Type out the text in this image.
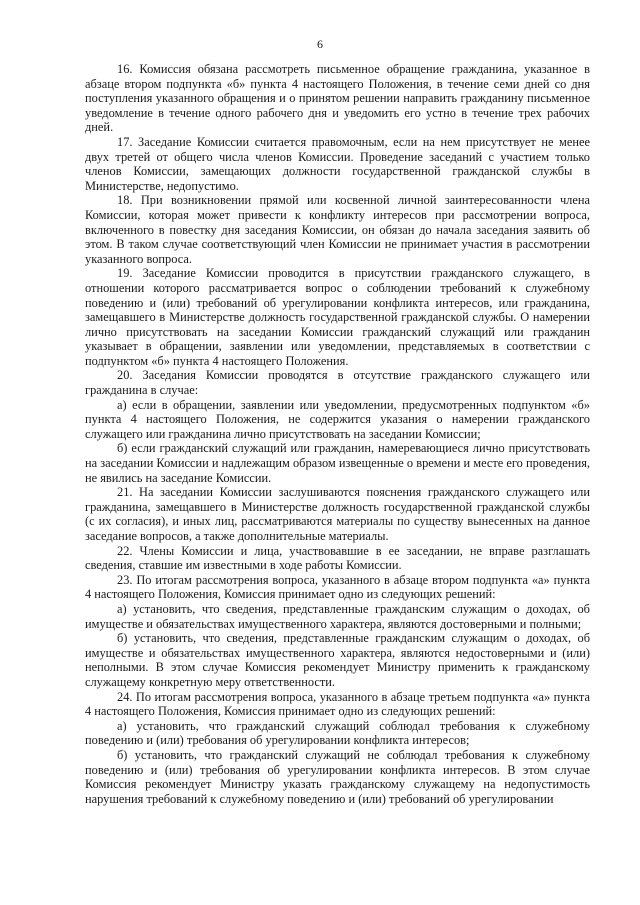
6

16. Комиссия обязана рассмотреть письменное обращение гражданина, указанное в абзаце втором подпункта «б» пункта 4 настоящего Положения, в течение семи дней со дня поступления указанного обращения и о принятом решении направить гражданину письменное уведомление в течение одного рабочего дня и уведомить его устно в течение трех рабочих дней.

17. Заседание Комиссии считается правомочным, если на нем присутствует не менее двух третей от общего числа членов Комиссии. Проведение заседаний с участием только членов Комиссии, замещающих должности государственной гражданской службы в Министерстве, недопустимо.

18. При возникновении прямой или косвенной личной заинтересованности члена Комиссии, которая может привести к конфликту интересов при рассмотрении вопроса, включенного в повестку дня заседания Комиссии, он обязан до начала заседания заявить об этом. В таком случае соответствующий член Комиссии не принимает участия в рассмотрении указанного вопроса.

19. Заседание Комиссии проводится в присутствии гражданского служащего, в отношении которого рассматривается вопрос о соблюдении требований к служебному поведению и (или) требований об урегулировании конфликта интересов, или гражданина, замещавшего в Министерстве должность государственной гражданской службы. О намерении лично присутствовать на заседании Комиссии гражданский служащий или гражданин указывает в обращении, заявлении или уведомлении, представляемых в соответствии с подпунктом «б» пункта 4 настоящего Положения.

20. Заседания Комиссии проводятся в отсутствие гражданского служащего или гражданина в случае:

а) если в обращении, заявлении или уведомлении, предусмотренных подпунктом «б» пункта 4 настоящего Положения, не содержится указания о намерении гражданского служащего или гражданина лично присутствовать на заседании Комиссии;

б) если гражданский служащий или гражданин, намеревающиеся лично присутствовать на заседании Комиссии и надлежащим образом извещенные о времени и месте его проведения, не явились на заседание Комиссии.

21. На заседании Комиссии заслушиваются пояснения гражданского служащего или гражданина, замещавшего в Министерстве должность государственной гражданской службы (с их согласия), и иных лиц, рассматриваются материалы по существу вынесенных на данное заседание вопросов, а также дополнительные материалы.

22. Члены Комиссии и лица, участвовавшие в ее заседании, не вправе разглашать сведения, ставшие им известными в ходе работы Комиссии.

23. По итогам рассмотрения вопроса, указанного в абзаце втором подпункта «а» пункта 4 настоящего Положения, Комиссия принимает одно из следующих решений:

а) установить, что сведения, представленные гражданским служащим о доходах, об имуществе и обязательствах имущественного характера, являются достоверными и полными;

б) установить, что сведения, представленные гражданским служащим о доходах, об имуществе и обязательствах имущественного характера, являются недостоверными и (или) неполными. В этом случае Комиссия рекомендует Министру применить к гражданскому служащему конкретную меру ответственности.

24. По итогам рассмотрения вопроса, указанного в абзаце третьем подпункта «а» пункта 4 настоящего Положения, Комиссия принимает одно из следующих решений:

а) установить, что гражданский служащий соблюдал требования к служебному поведению и (или) требования об урегулировании конфликта интересов;

б) установить, что гражданский служащий не соблюдал требования к служебному поведению и (или) требования об урегулировании конфликта интересов. В этом случае Комиссия рекомендует Министру указать гражданскому служащему на недопустимость нарушения требований к служебному поведению и (или) требований об урегулировании
